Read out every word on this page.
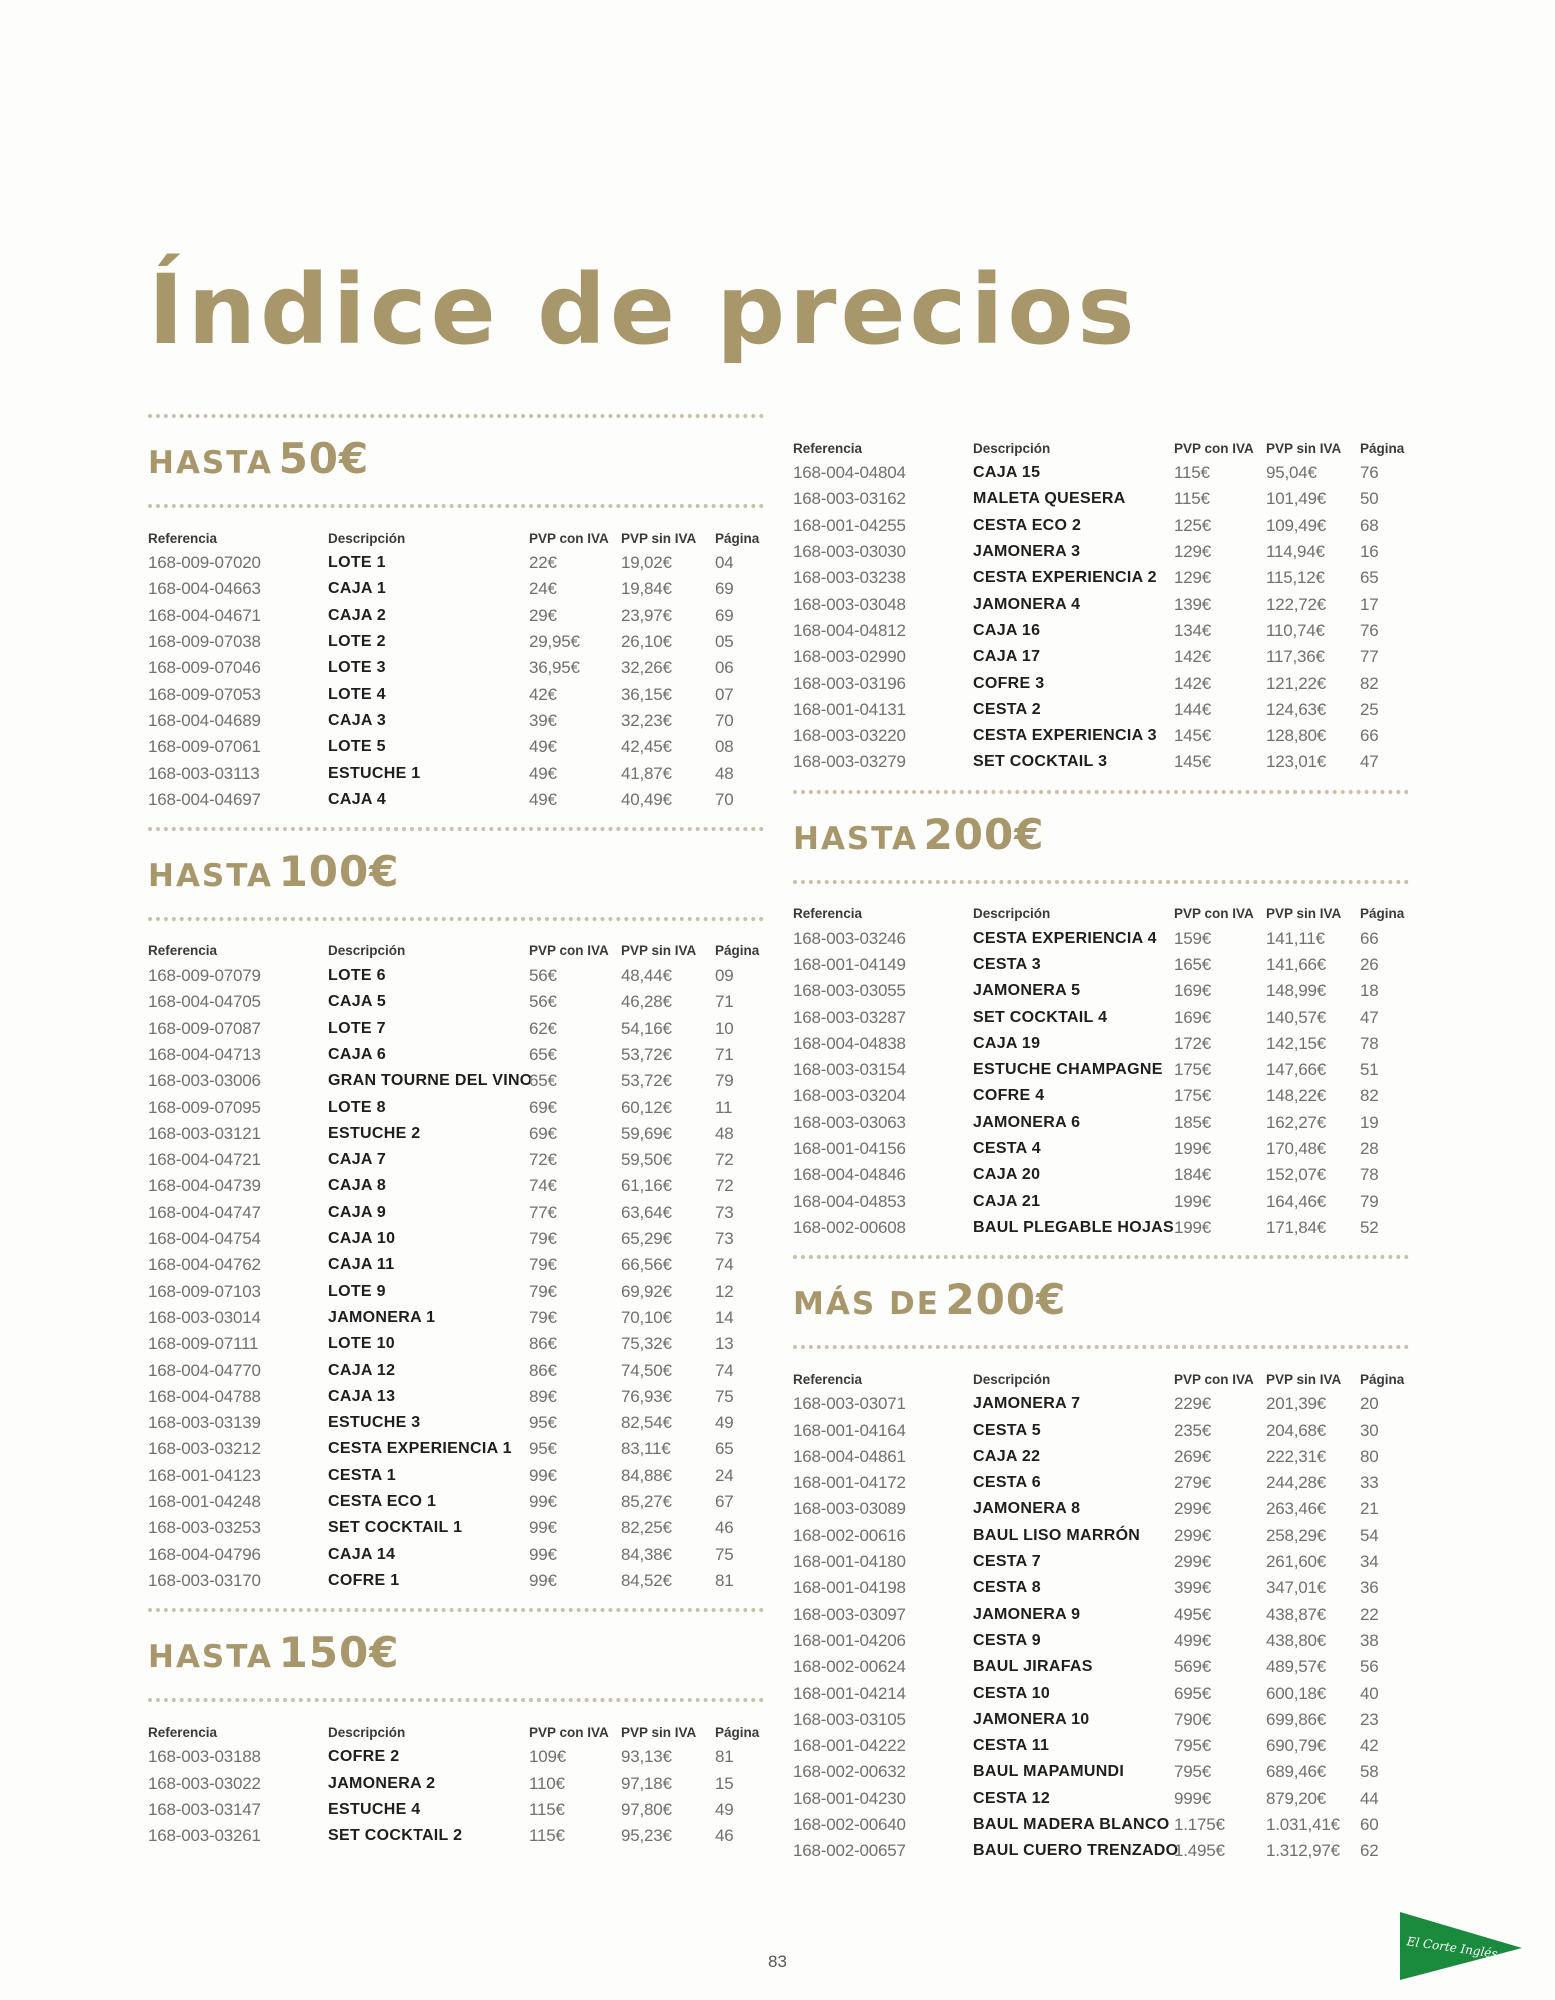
Índice de precios
HASTA 50€
Referencia	Descripción	PVP con IVA	PVP sin IVA	Página
168-009-07020	LOTE 1	22€	19,02€	04
168-004-04663	CAJA 1	24€	19,84€	69
168-004-04671	CAJA 2	29€	23,97€	69
168-009-07038	LOTE 2	29,95€	26,10€	05
168-009-07046	LOTE 3	36,95€	32,26€	06
168-009-07053	LOTE 4	42€	36,15€	07
168-004-04689	CAJA 3	39€	32,23€	70
168-009-07061	LOTE 5	49€	42,45€	08
168-003-03113	ESTUCHE 1	49€	41,87€	48
168-004-04697	CAJA 4	49€	40,49€	70
HASTA 100€
Referencia	Descripción	PVP con IVA	PVP sin IVA	Página
168-009-07079	LOTE 6	56€	48,44€	09
168-004-04705	CAJA 5	56€	46,28€	71
168-009-07087	LOTE 7	62€	54,16€	10
168-004-04713	CAJA 6	65€	53,72€	71
168-003-03006	GRAN TOURNE DEL VINO	65€	53,72€	79
168-009-07095	LOTE 8	69€	60,12€	11
168-003-03121	ESTUCHE 2	69€	59,69€	48
168-004-04721	CAJA 7	72€	59,50€	72
168-004-04739	CAJA 8	74€	61,16€	72
168-004-04747	CAJA 9	77€	63,64€	73
168-004-04754	CAJA 10	79€	65,29€	73
168-004-04762	CAJA 11	79€	66,56€	74
168-009-07103	LOTE 9	79€	69,92€	12
168-003-03014	JAMONERA 1	79€	70,10€	14
168-009-07111	LOTE 10	86€	75,32€	13
168-004-04770	CAJA 12	86€	74,50€	74
168-004-04788	CAJA 13	89€	76,93€	75
168-003-03139	ESTUCHE 3	95€	82,54€	49
168-003-03212	CESTA EXPERIENCIA 1	95€	83,11€	65
168-001-04123	CESTA 1	99€	84,88€	24
168-001-04248	CESTA ECO 1	99€	85,27€	67
168-003-03253	SET COCKTAIL 1	99€	82,25€	46
168-004-04796	CAJA 14	99€	84,38€	75
168-003-03170	COFRE 1	99€	84,52€	81
HASTA 150€
Referencia	Descripción	PVP con IVA	PVP sin IVA	Página
168-003-03188	COFRE 2	109€	93,13€	81
168-003-03022	JAMONERA 2	110€	97,18€	15
168-003-03147	ESTUCHE 4	115€	97,80€	49
168-003-03261	SET COCKTAIL 2	115€	95,23€	46
Referencia	Descripción	PVP con IVA	PVP sin IVA	Página
168-004-04804	CAJA 15	115€	95,04€	76
168-003-03162	MALETA QUESERA	115€	101,49€	50
168-001-04255	CESTA ECO 2	125€	109,49€	68
168-003-03030	JAMONERA 3	129€	114,94€	16
168-003-03238	CESTA EXPERIENCIA 2	129€	115,12€	65
168-003-03048	JAMONERA 4	139€	122,72€	17
168-004-04812	CAJA 16	134€	110,74€	76
168-003-02990	CAJA 17	142€	117,36€	77
168-003-03196	COFRE 3	142€	121,22€	82
168-001-04131	CESTA 2	144€	124,63€	25
168-003-03220	CESTA EXPERIENCIA 3	145€	128,80€	66
168-003-03279	SET COCKTAIL 3	145€	123,01€	47
HASTA 200€
Referencia	Descripción	PVP con IVA	PVP sin IVA	Página
168-003-03246	CESTA EXPERIENCIA 4	159€	141,11€	66
168-001-04149	CESTA 3	165€	141,66€	26
168-003-03055	JAMONERA 5	169€	148,99€	18
168-003-03287	SET COCKTAIL 4	169€	140,57€	47
168-004-04838	CAJA 19	172€	142,15€	78
168-003-03154	ESTUCHE CHAMPAGNE	175€	147,66€	51
168-003-03204	COFRE 4	175€	148,22€	82
168-003-03063	JAMONERA 6	185€	162,27€	19
168-001-04156	CESTA 4	199€	170,48€	28
168-004-04846	CAJA 20	184€	152,07€	78
168-004-04853	CAJA 21	199€	164,46€	79
168-002-00608	BAUL PLEGABLE HOJAS	199€	171,84€	52
MÁS DE 200€
Referencia	Descripción	PVP con IVA	PVP sin IVA	Página
168-003-03071	JAMONERA 7	229€	201,39€	20
168-001-04164	CESTA 5	235€	204,68€	30
168-004-04861	CAJA 22	269€	222,31€	80
168-001-04172	CESTA 6	279€	244,28€	33
168-003-03089	JAMONERA 8	299€	263,46€	21
168-002-00616	BAUL LISO MARRÓN	299€	258,29€	54
168-001-04180	CESTA 7	299€	261,60€	34
168-001-04198	CESTA 8	399€	347,01€	36
168-003-03097	JAMONERA 9	495€	438,87€	22
168-001-04206	CESTA 9	499€	438,80€	38
168-002-00624	BAUL JIRAFAS	569€	489,57€	56
168-001-04214	CESTA 10	695€	600,18€	40
168-003-03105	JAMONERA 10	790€	699,86€	23
168-001-04222	CESTA 11	795€	690,79€	42
168-002-00632	BAUL MAPAMUNDI	795€	689,46€	58
168-001-04230	CESTA 12	999€	879,20€	44
168-002-00640	BAUL MADERA BLANCO	1.175€	1.031,41€	60
168-002-00657	BAUL CUERO TRENZADO	1.495€	1.312,97€	62
83
El Corte Inglés
